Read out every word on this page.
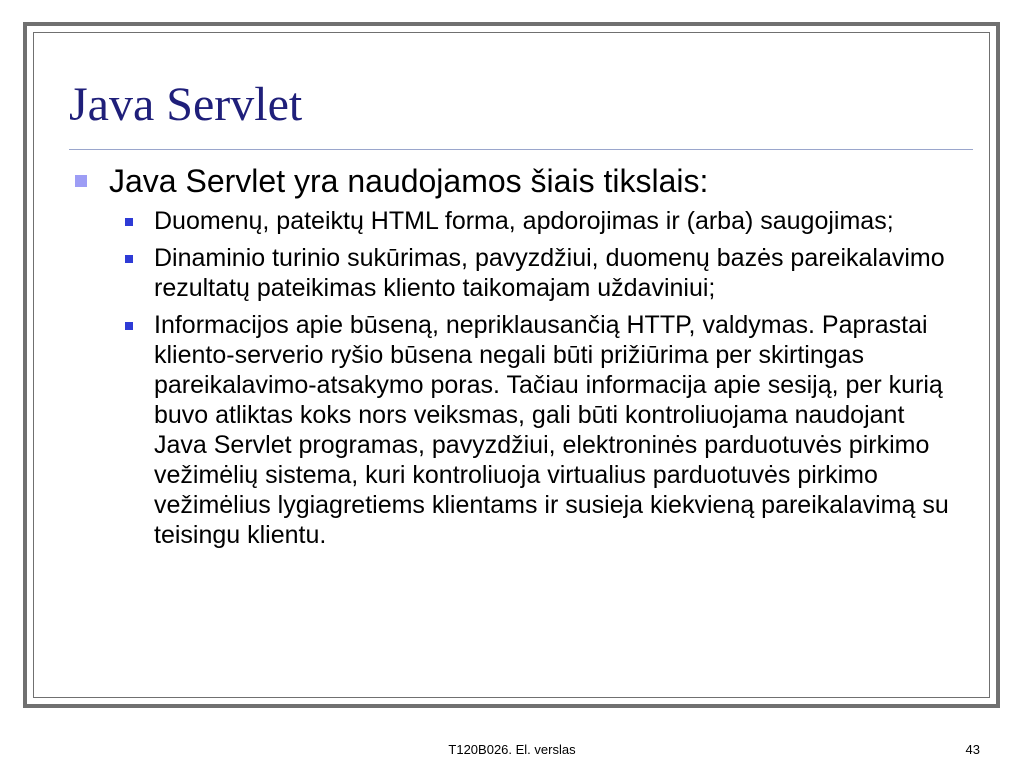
Java Servlet
Java Servlet yra naudojamos šiais tikslais:
Duomenų, pateiktų HTML forma, apdorojimas ir (arba) saugojimas;
Dinaminio turinio sukūrimas, pavyzdžiui, duomenų bazės pareikalavimo rezultatų pateikimas kliento taikomajam uždaviniui;
Informacijos apie būseną, nepriklausančią HTTP, valdymas. Paprastai kliento-serverio ryšio būsena negali būti prižiūrima per skirtingas pareikalavimo-atsakymo poras. Tačiau informacija apie sesiją, per kurią buvo atliktas koks nors veiksmas, gali būti kontroliuojama naudojant Java Servlet programas, pavyzdžiui, elektroninės parduotuvės pirkimo vežimėlių sistema, kuri kontroliuoja virtualius parduotuvės pirkimo vežimėlius lygiagretiems klientams ir susieja kiekvieną pareikalavimą su teisingu klientu.
T120B026. El. verslas	43
